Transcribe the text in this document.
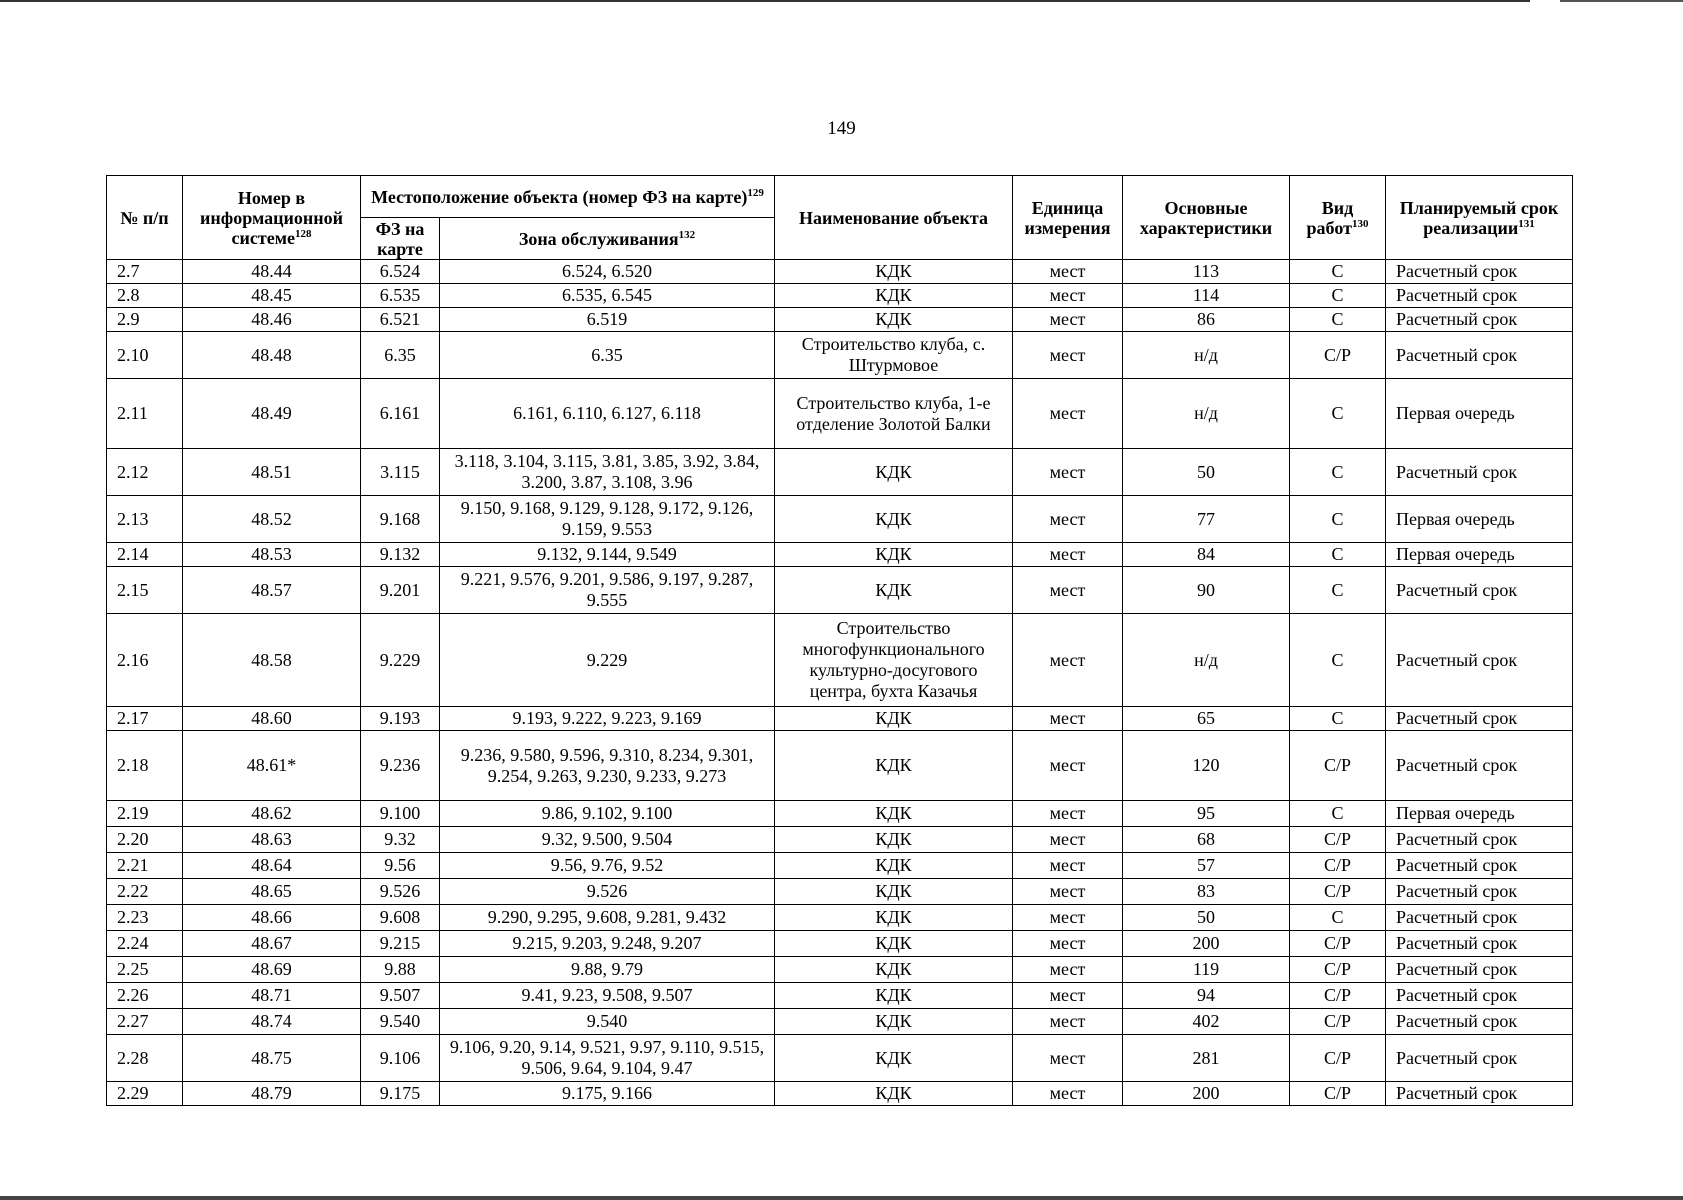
149
№ п/п	Номер в информационной системе$^{128}$	Местоположение объекта (номер ФЗ на карте)$^{129}$		Наименование объекта	Единица измерения	Основные характеристики	Вид работ$^{130}$	Планируемый срок реализации$^{131}$
		ФЗ на карте	Зона обслуживания$^{132}$
2.7	48.44	6.524	6.524, 6.520	КДК	мест	113	С	Расчетный срок
2.8	48.45	6.535	6.535, 6.545	КДК	мест	114	С	Расчетный срок
2.9	48.46	6.521	6.519	КДК	мест	86	С	Расчетный срок
2.10	48.48	6.35	6.35	Строительство клуба, с. Штурмовое	мест	н/д	С/Р	Расчетный срок
2.11	48.49	6.161	6.161, 6.110, 6.127, 6.118	Строительство клуба, 1-е отделение Золотой Балки	мест	н/д	С	Первая очередь
2.12	48.51	3.115	3.118, 3.104, 3.115, 3.81, 3.85, 3.92, 3.84, 3.200, 3.87, 3.108, 3.96	КДК	мест	50	С	Расчетный срок
2.13	48.52	9.168	9.150, 9.168, 9.129, 9.128, 9.172, 9.126, 9.159, 9.553	КДК	мест	77	С	Первая очередь
2.14	48.53	9.132	9.132, 9.144, 9.549	КДК	мест	84	С	Первая очередь
2.15	48.57	9.201	9.221, 9.576, 9.201, 9.586, 9.197, 9.287, 9.555	КДК	мест	90	С	Расчетный срок
2.16	48.58	9.229	9.229	Строительство многофункционального культурно-досугового центра, бухта Казачья	мест	н/д	С	Расчетный срок
2.17	48.60	9.193	9.193, 9.222, 9.223, 9.169	КДК	мест	65	С	Расчетный срок
2.18	48.61*	9.236	9.236, 9.580, 9.596, 9.310, 8.234, 9.301, 9.254, 9.263, 9.230, 9.233, 9.273	КДК	мест	120	С/Р	Расчетный срок
2.19	48.62	9.100	9.86, 9.102, 9.100	КДК	мест	95	С	Первая очередь
2.20	48.63	9.32	9.32, 9.500, 9.504	КДК	мест	68	С/Р	Расчетный срок
2.21	48.64	9.56	9.56, 9.76, 9.52	КДК	мест	57	С/Р	Расчетный срок
2.22	48.65	9.526	9.526	КДК	мест	83	С/Р	Расчетный срок
2.23	48.66	9.608	9.290, 9.295, 9.608, 9.281, 9.432	КДК	мест	50	С	Расчетный срок
2.24	48.67	9.215	9.215, 9.203, 9.248, 9.207	КДК	мест	200	С/Р	Расчетный срок
2.25	48.69	9.88	9.88, 9.79	КДК	мест	119	С/Р	Расчетный срок
2.26	48.71	9.507	9.41, 9.23, 9.508, 9.507	КДК	мест	94	С/Р	Расчетный срок
2.27	48.74	9.540	9.540	КДК	мест	402	С/Р	Расчетный срок
2.28	48.75	9.106	9.106, 9.20, 9.14, 9.521, 9.97, 9.110, 9.515, 9.506, 9.64, 9.104, 9.47	КДК	мест	281	С/Р	Расчетный срок
2.29	48.79	9.175	9.175, 9.166	КДК	мест	200	С/Р	Расчетный срок
